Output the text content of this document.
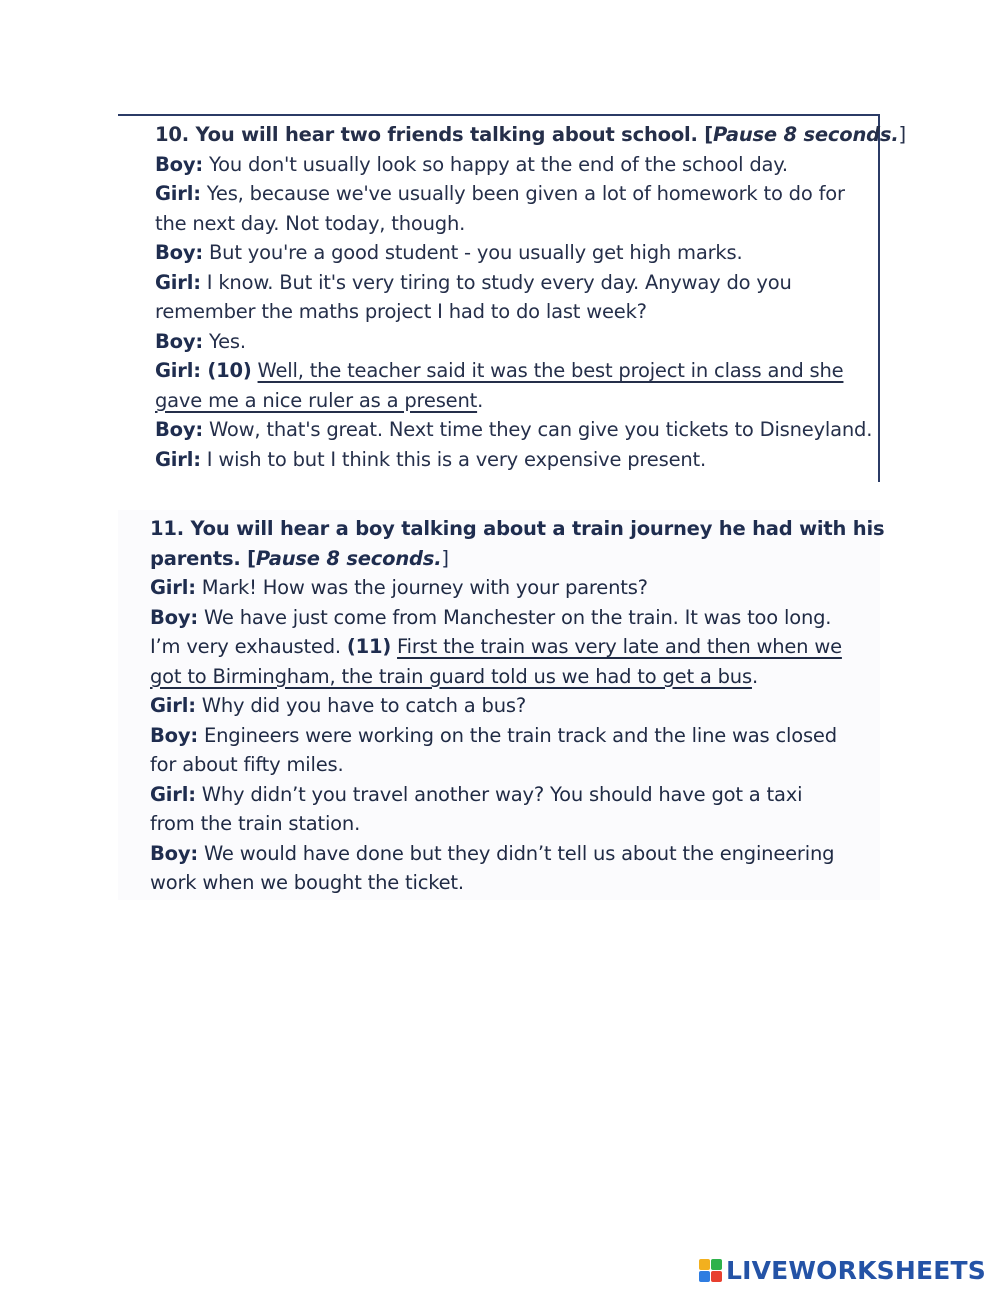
10. You will hear two friends talking about school. [Pause 8 seconds.]
Boy: You don't usually look so happy at the end of the school day.
Girl: Yes, because we've usually been given a lot of homework to do for
the next day. Not today, though.
Boy: But you're a good student - you usually get high marks.
Girl: I know. But it's very tiring to study every day. Anyway do you
remember the maths project I had to do last week?
Boy: Yes.
Girl: (10) Well, the teacher said it was the best project in class and she
gave me a nice ruler as a present.
Boy: Wow, that's great. Next time they can give you tickets to Disneyland.
Girl: I wish to but I think this is a very expensive present.
11. You will hear a boy talking about a train journey he had with his
parents. [Pause 8 seconds.]
Girl: Mark! How was the journey with your parents?
Boy: We have just come from Manchester on the train. It was too long.
I’m very exhausted. (11) First the train was very late and then when we
got to Birmingham, the train guard told us we had to get a bus.
Girl: Why did you have to catch a bus?
Boy: Engineers were working on the train track and the line was closed
for about fifty miles.
Girl: Why didn’t you travel another way? You should have got a taxi
from the train station.
Boy: We would have done but they didn’t tell us about the engineering
work when we bought the ticket.
LIVEWORKSHEETS
